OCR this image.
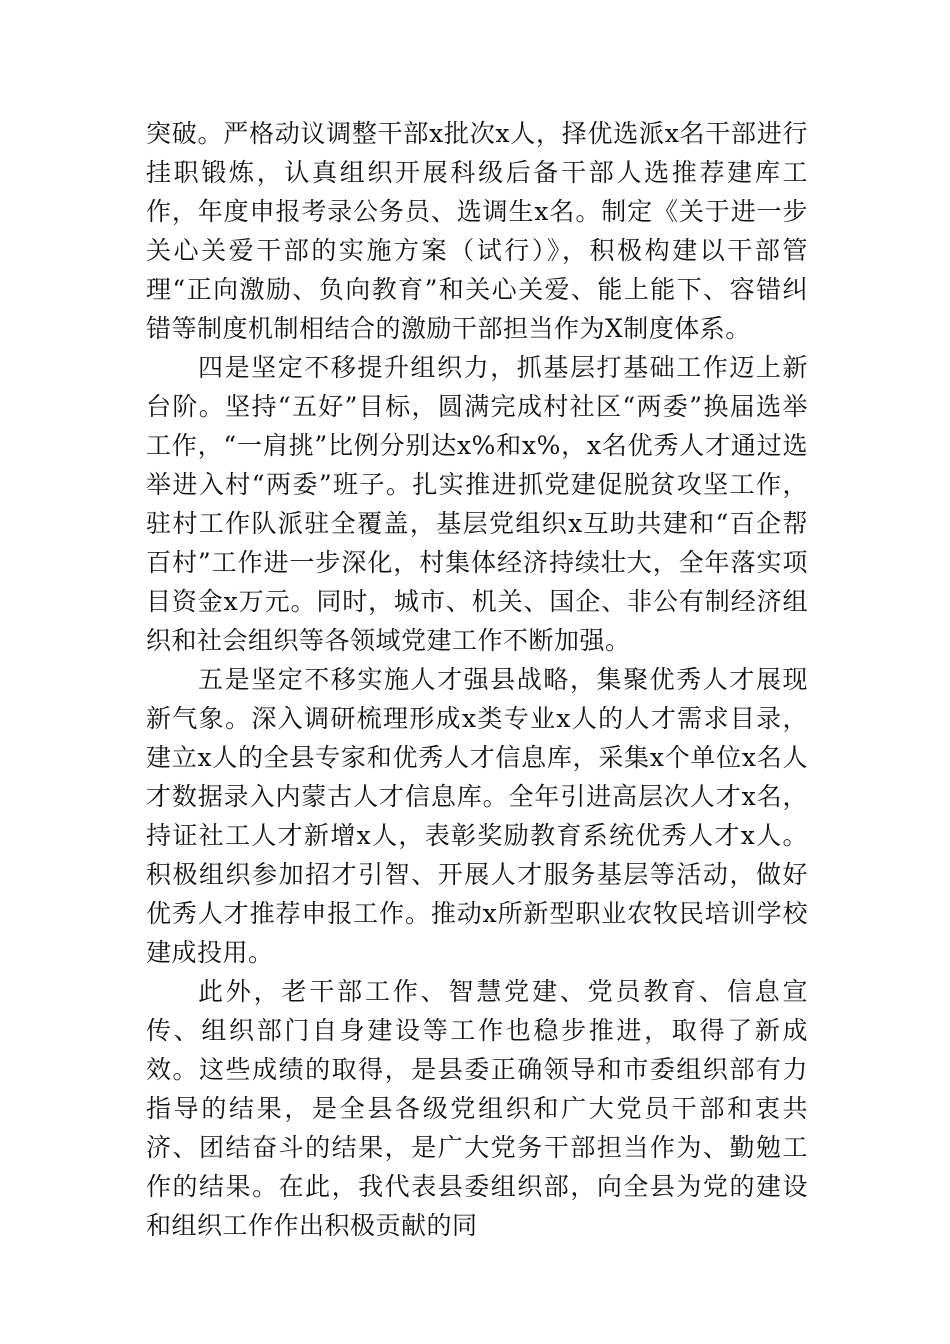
突破。严格动议调整干部x批次x人，择优选派x名干部进行挂职锻炼，认真组织开展科级后备干部人选推荐建库工作，年度申报考录公务员、选调生x名。制定《关于进一步关心关爱干部的实施方案（试行）》，积极构建以干部管理“正向激励、负向教育”和关心关爱、能上能下、容错纠错等制度机制相结合的激励干部担当作为X制度体系。

四是坚定不移提升组织力，抓基层打基础工作迈上新台阶。坚持“五好”目标，圆满完成村社区“两委”换届选举工作，“一肩挑”比例分别达x%和x%，x名优秀人才通过选举进入村“两委”班子。扎实推进抓党建促脱贫攻坚工作，驻村工作队派驻全覆盖，基层党组织x互助共建和“百企帮百村”工作进一步深化，村集体经济持续壮大，全年落实项目资金x万元。同时，城市、机关、国企、非公有制经济组织和社会组织等各领域党建工作不断加强。

五是坚定不移实施人才强县战略，集聚优秀人才展现新气象。深入调研梳理形成x类专业x人的人才需求目录，建立x人的全县专家和优秀人才信息库，采集x个单位x名人才数据录入内蒙古人才信息库。全年引进高层次人才x名，持证社工人才新增x人，表彰奖励教育系统优秀人才x人。积极组织参加招才引智、开展人才服务基层等活动，做好优秀人才推荐申报工作。推动x所新型职业农牧民培训学校建成投用。

此外，老干部工作、智慧党建、党员教育、信息宣传、组织部门自身建设等工作也稳步推进，取得了新成效。这些成绩的取得，是县委正确领导和市委组织部有力指导的结果，是全县各级党组织和广大党员干部和衷共济、团结奋斗的结果，是广大党务干部担当作为、勤勉工作的结果。在此，我代表县委组织部，向全县为党的建设和组织工作作出积极贡献的同
